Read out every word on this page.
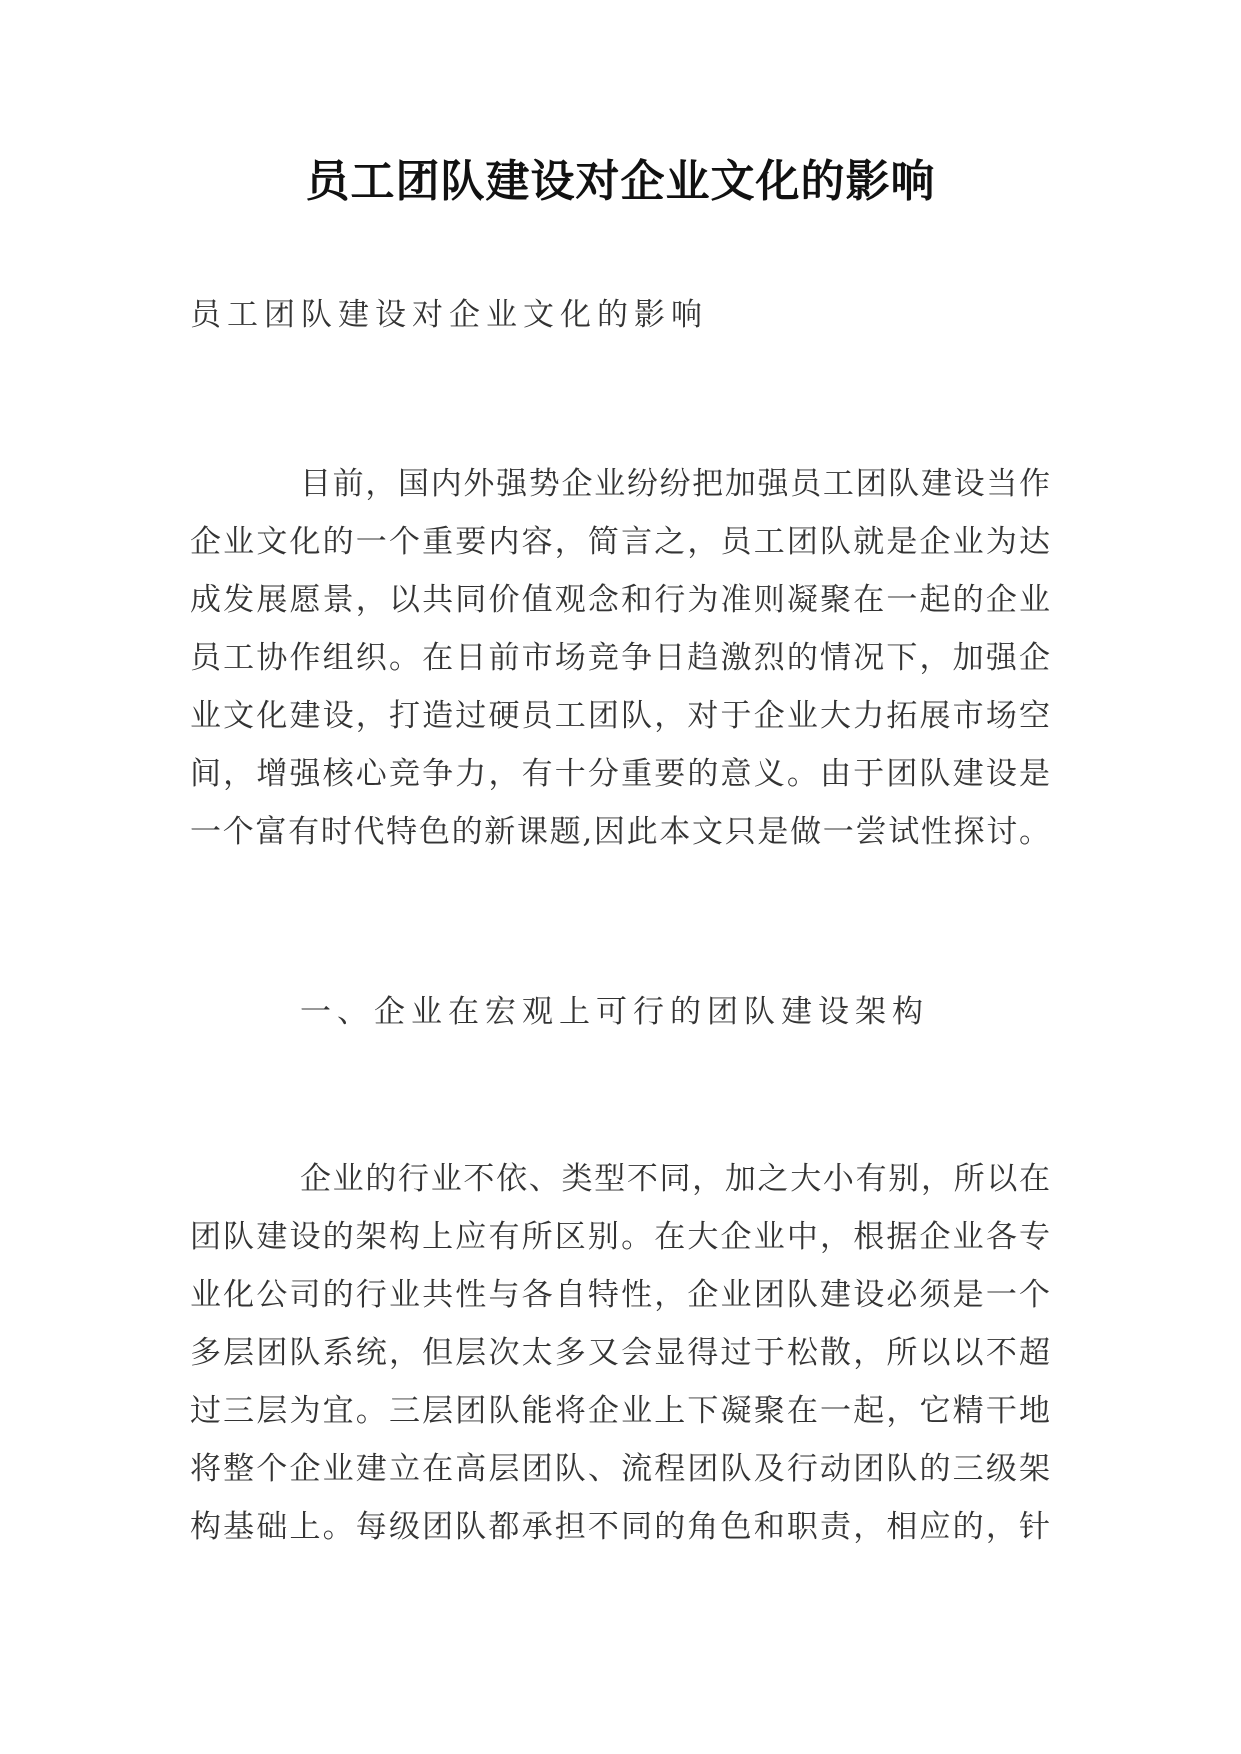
员工团队建设对企业文化的影响
员工团队建设对企业文化的影响
目前，国内外强势企业纷纷把加强员工团队建设当作
企业文化的一个重要内容，简言之，员工团队就是企业为达
成发展愿景，以共同价值观念和行为准则凝聚在一起的企业
员工协作组织。在日前市场竞争日趋激烈的情况下，加强企
业文化建设，打造过硬员工团队，对于企业大力拓展市场空
间，增强核心竞争力，有十分重要的意义。由于团队建设是
一个富有时代特色的新课题,因此本文只是做一尝试性探讨。
一、企业在宏观上可行的团队建设架构
企业的行业不依、类型不同，加之大小有别，所以在
团队建设的架构上应有所区别。在大企业中，根据企业各专
业化公司的行业共性与各自特性，企业团队建设必须是一个
多层团队系统，但层次太多又会显得过于松散，所以以不超
过三层为宜。三层团队能将企业上下凝聚在一起，它精干地
将整个企业建立在高层团队、流程团队及行动团队的三级架
构基础上。每级团队都承担不同的角色和职责，相应的，针
